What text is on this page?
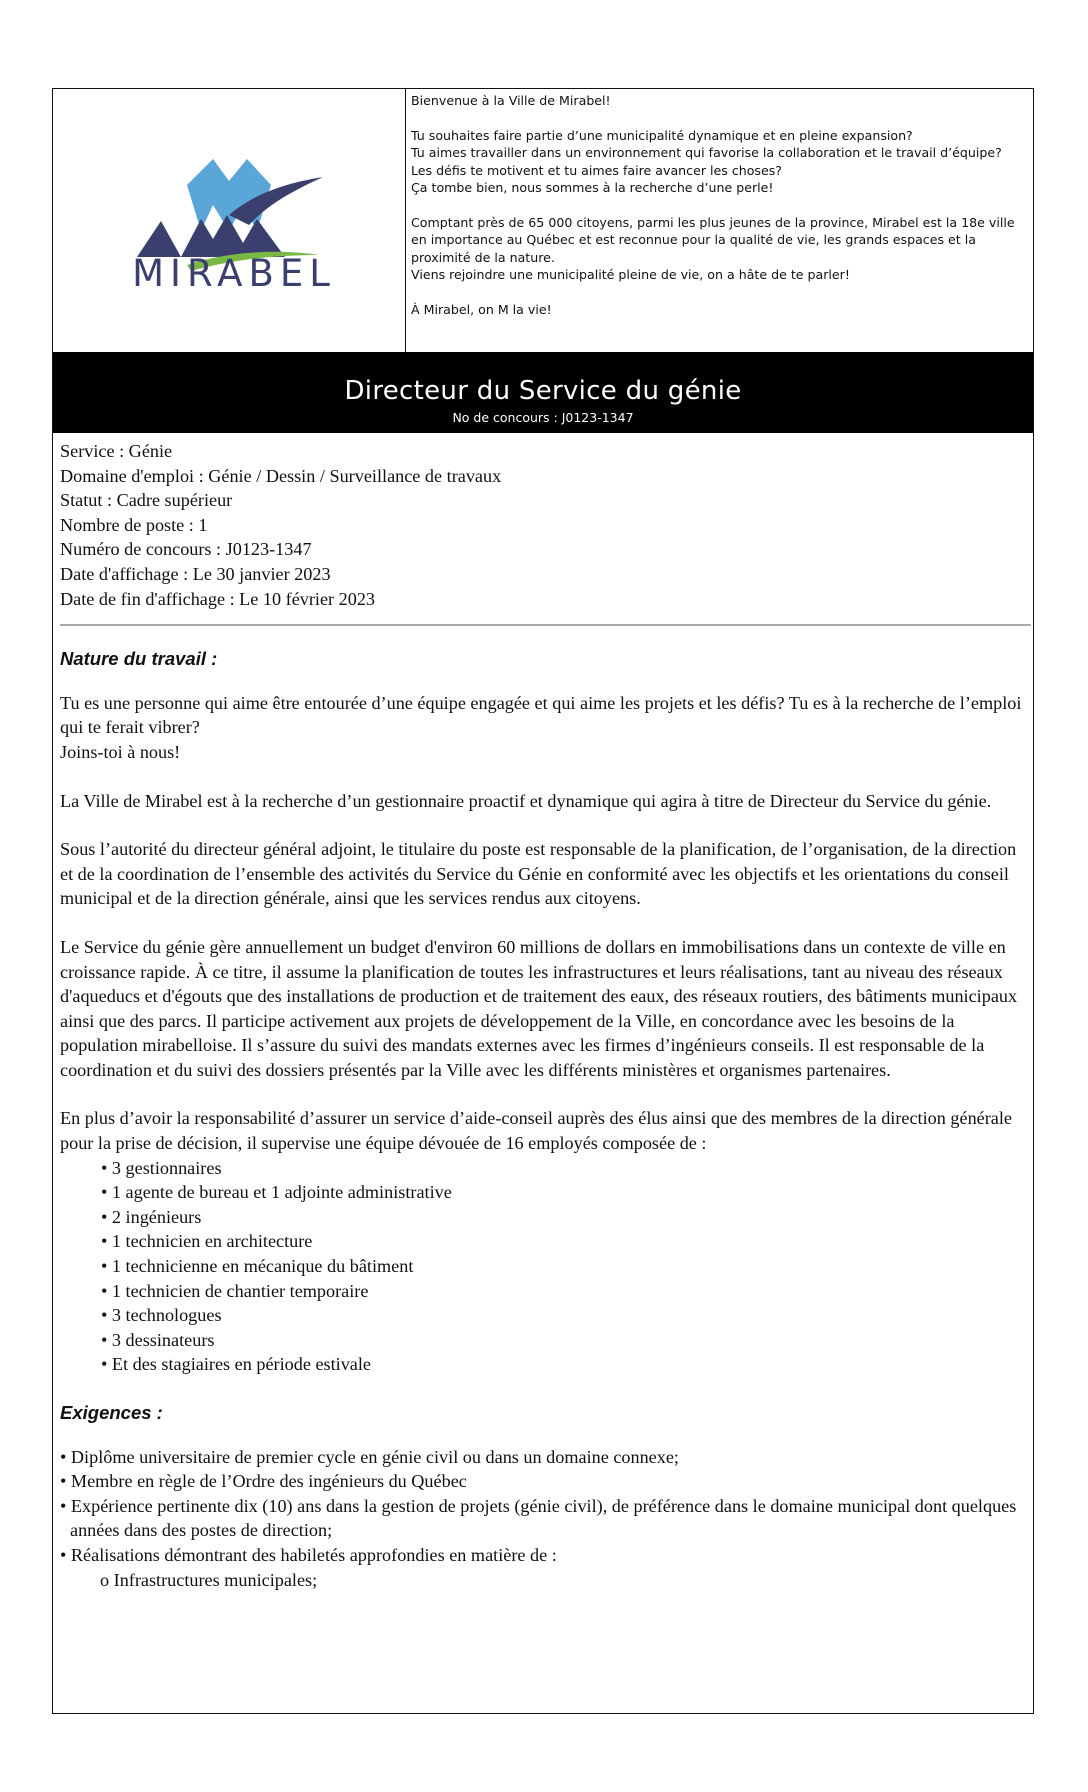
MIRABEL

Bienvenue à la Ville de Mirabel!

Tu souhaites faire partie d’une municipalité dynamique et en pleine expansion?

Tu aimes travailler dans un environnement qui favorise la collaboration et le travail d’équipe?

Les défis te motivent et tu aimes faire avancer les choses?

Ça tombe bien, nous sommes à la recherche d’une perle!

Comptant près de 65 000 citoyens, parmi les plus jeunes de la province, Mirabel est la 18e ville en importance au Québec et est reconnue pour la qualité de vie, les grands espaces et la proximité de la nature.

Viens rejoindre une municipalité pleine de vie, on a hâte de te parler!

À Mirabel, on M la vie!

Directeur du Service du génie
No de concours : J0123-1347

Service : Génie

Domaine d'emploi : Génie / Dessin / Surveillance de travaux

Statut : Cadre supérieur

Nombre de poste : 1

Numéro de concours : J0123-1347

Date d'affichage : Le 30 janvier 2023

Date de fin d'affichage : Le 10 février 2023

Nature du travail :
Tu es une personne qui aime être entourée d’une équipe engagée et qui aime les projets et les défis? Tu es à la recherche de l’emploi qui te ferait vibrer?
Joins-toi à nous!

La Ville de Mirabel est à la recherche d’un gestionnaire proactif et dynamique qui agira à titre de Directeur du Service du génie.

Sous l’autorité du directeur général adjoint, le titulaire du poste est responsable de la planification, de l’organisation, de la direction et de la coordination de l’ensemble des activités du Service du Génie en conformité avec les objectifs et les orientations du conseil municipal et de la direction générale, ainsi que les services rendus aux citoyens.

Le Service du génie gère annuellement un budget d'environ 60 millions de dollars en immobilisations dans un contexte de ville en croissance rapide. À ce titre, il assume la planification de toutes les infrastructures et leurs réalisations, tant au niveau des réseaux d'aqueducs et d'égouts que des installations de production et de traitement des eaux, des réseaux routiers, des bâtiments municipaux ainsi que des parcs. Il participe activement aux projets de développement de la Ville, en concordance avec les besoins de la population mirabelloise. Il s’assure du suivi des mandats externes avec les firmes d’ingénieurs conseils. Il est responsable de la coordination et du suivi des dossiers présentés par la Ville avec les différents ministères et organismes partenaires.

En plus d’avoir la responsabilité d’assurer un service d’aide-conseil auprès des élus ainsi que des membres de la direction générale pour la prise de décision, il supervise une équipe dévouée de 16 employés composée de :

• 3 gestionnaires
• 1 agente de bureau et 1 adjointe administrative
• 2 ingénieurs
• 1 technicien en architecture
• 1 technicienne en mécanique du bâtiment
• 1 technicien de chantier temporaire
• 3 technologues
• 3 dessinateurs
• Et des stagiaires en période estivale
Exigences :
• Diplôme universitaire de premier cycle en génie civil ou dans un domaine connexe;
• Membre en règle de l’Ordre des ingénieurs du Québec
• Expérience pertinente dix (10) ans dans la gestion de projets (génie civil), de préférence dans le domaine municipal dont quelques années dans des postes de direction;
• Réalisations démontrant des habiletés approfondies en matière de :
o Infrastructures municipales;
